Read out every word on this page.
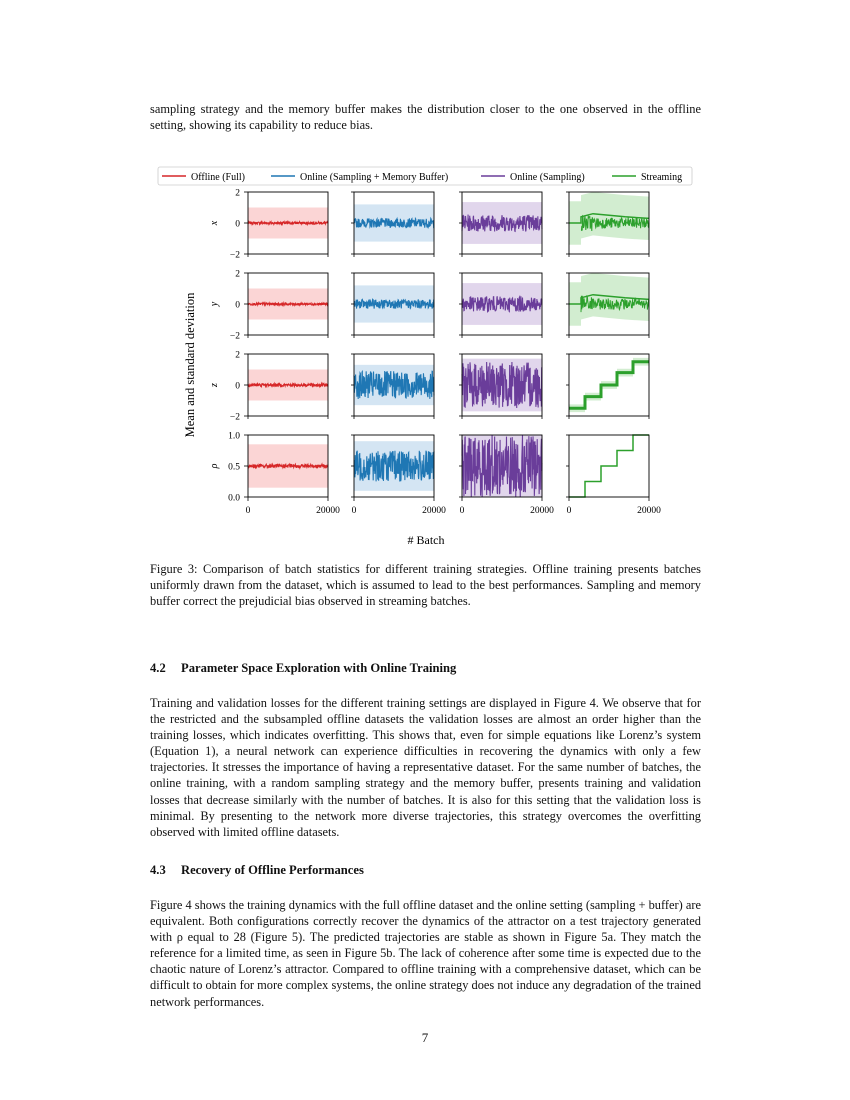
sampling strategy and the memory buffer makes the distribution closer to the one observed in the offline setting, showing its capability to reduce bias.

Offline (Full)	Online (Sampling + Memory Buffer)	Online (Sampling)	Streaming
2
0
−2
x
2
0
−2
y
2
0
−2
z
1.0
0.5
0.0
ρ
0	20000 0	20000 0	20000 0	20000
Mean and standard deviation
# Batch

Figure 3: Comparison of batch statistics for different training strategies. Offline training presents batches uniformly drawn from the dataset, which is assumed to lead to the best performances. Sampling and memory buffer correct the prejudicial bias observed in streaming batches.

4.2 Parameter Space Exploration with Online Training

Training and validation losses for the different training settings are displayed in Figure 4. We observe that for the restricted and the subsampled offline datasets the validation losses are almost an order higher than the training losses, which indicates overfitting. This shows that, even for simple equations like Lorenz’s system (Equation 1), a neural network can experience difficulties in recovering the dynamics with only a few trajectories. It stresses the importance of having a representative dataset. For the same number of batches, the online training, with a random sampling strategy and the memory buffer, presents training and validation losses that decrease similarly with the number of batches. It is also for this setting that the validation loss is minimal. By presenting to the network more diverse trajectories, this strategy overcomes the overfitting observed with limited offline datasets.

4.3 Recovery of Offline Performances

Figure 4 shows the training dynamics with the full offline dataset and the online setting (sampling + buffer) are equivalent. Both configurations correctly recover the dynamics of the attractor on a test trajectory generated with ρ equal to 28 (Figure 5). The predicted trajectories are stable as shown in Figure 5a. They match the reference for a limited time, as seen in Figure 5b. The lack of coherence after some time is expected due to the chaotic nature of Lorenz’s attractor. Compared to offline training with a comprehensive dataset, which can be difficult to obtain for more complex systems, the online strategy does not induce any degradation of the trained network performances.

7
